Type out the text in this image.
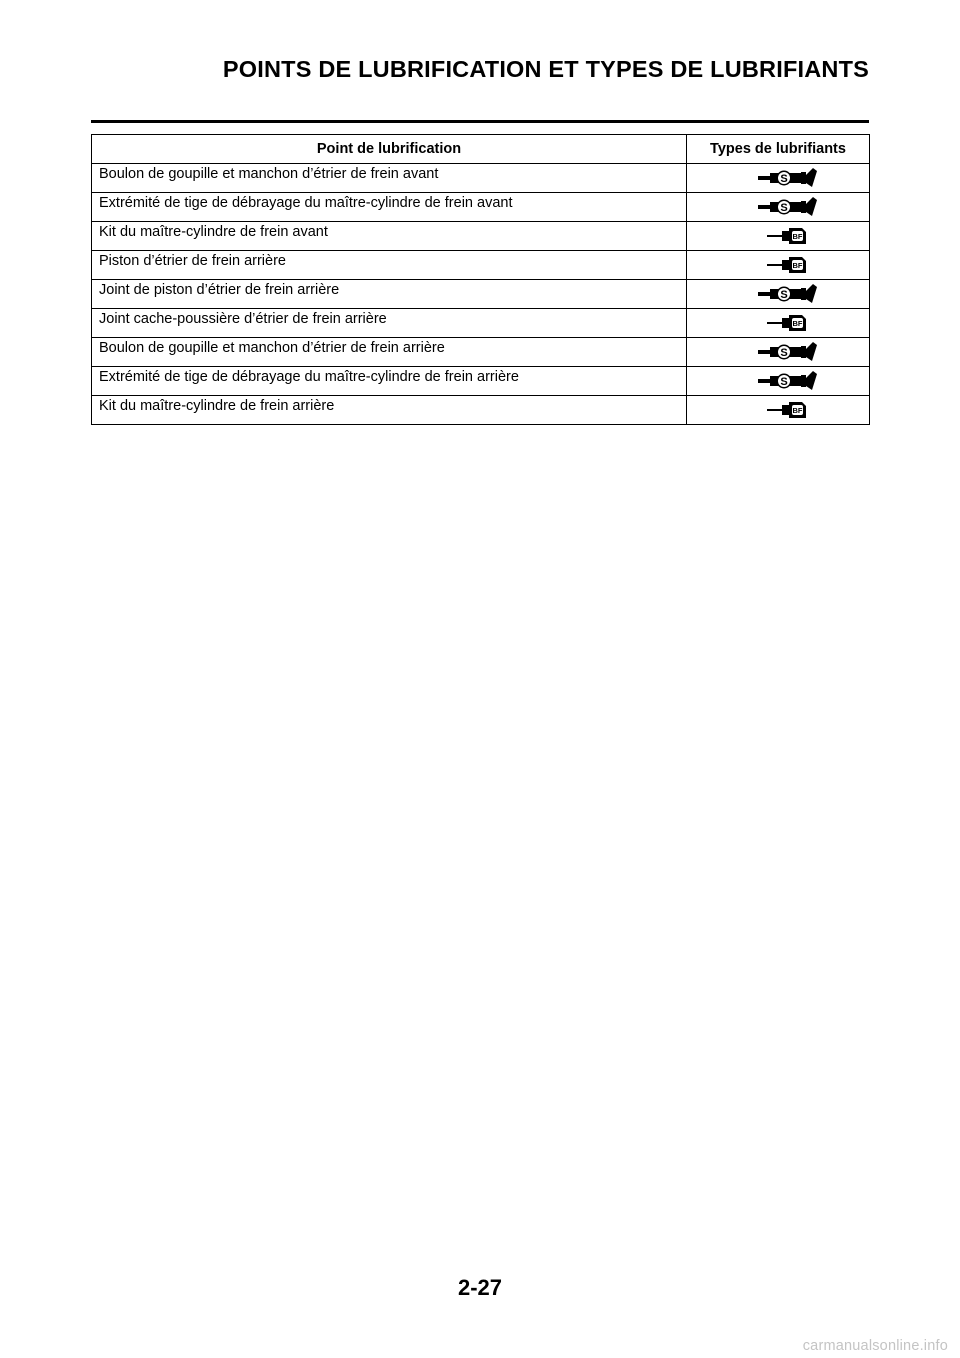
POINTS DE LUBRIFICATION ET TYPES DE LUBRIFIANTS
Point de lubrification	Types de lubrifiants
Boulon de goupille et manchon d’étrier de frein avant	S

Extrémité de tige de débrayage du maître-cylindre de frein avant	S

Kit du maître-cylindre de frein avant	BF

Piston d’étrier de frein arrière	BF

Joint de piston d’étrier de frein arrière	S

Joint cache-poussière d’étrier de frein arrière	BF

Boulon de goupille et manchon d’étrier de frein arrière	S

Extrémité de tige de débrayage du maître-cylindre de frein arrière	S

Kit du maître-cylindre de frein arrière	BF
2-27
carmanualsonline.info
